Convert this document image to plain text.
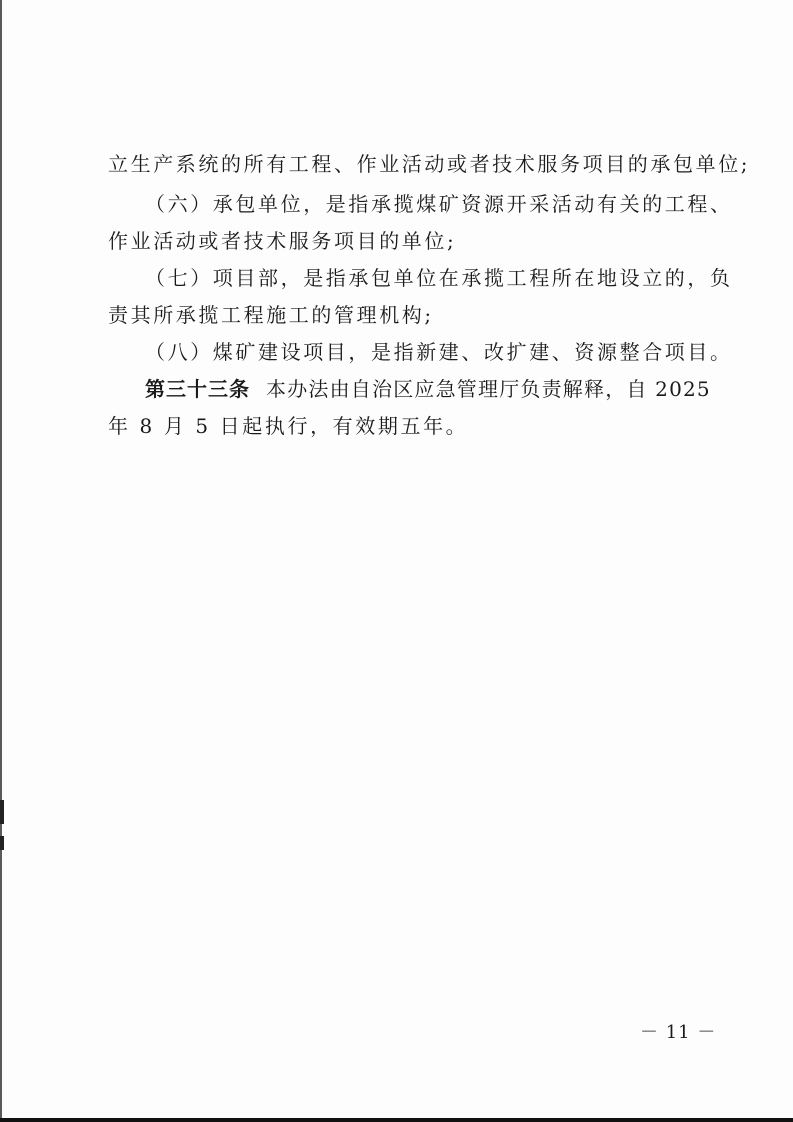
立生产系统的所有工程、作业活动或者技术服务项目的承包单位;
（六）承包单位，是指承揽煤矿资源开采活动有关的工程、
作业活动或者技术服务项目的单位;
（七）项目部，是指承包单位在承揽工程所在地设立的，负
责其所承揽工程施工的管理机构;
（八）煤矿建设项目，是指新建、改扩建、资源整合项目。
第三十三条 本办法由自治区应急管理厅负责解释，自 2025
年 8 月 5 日起执行，有效期五年。
－ 11 －
